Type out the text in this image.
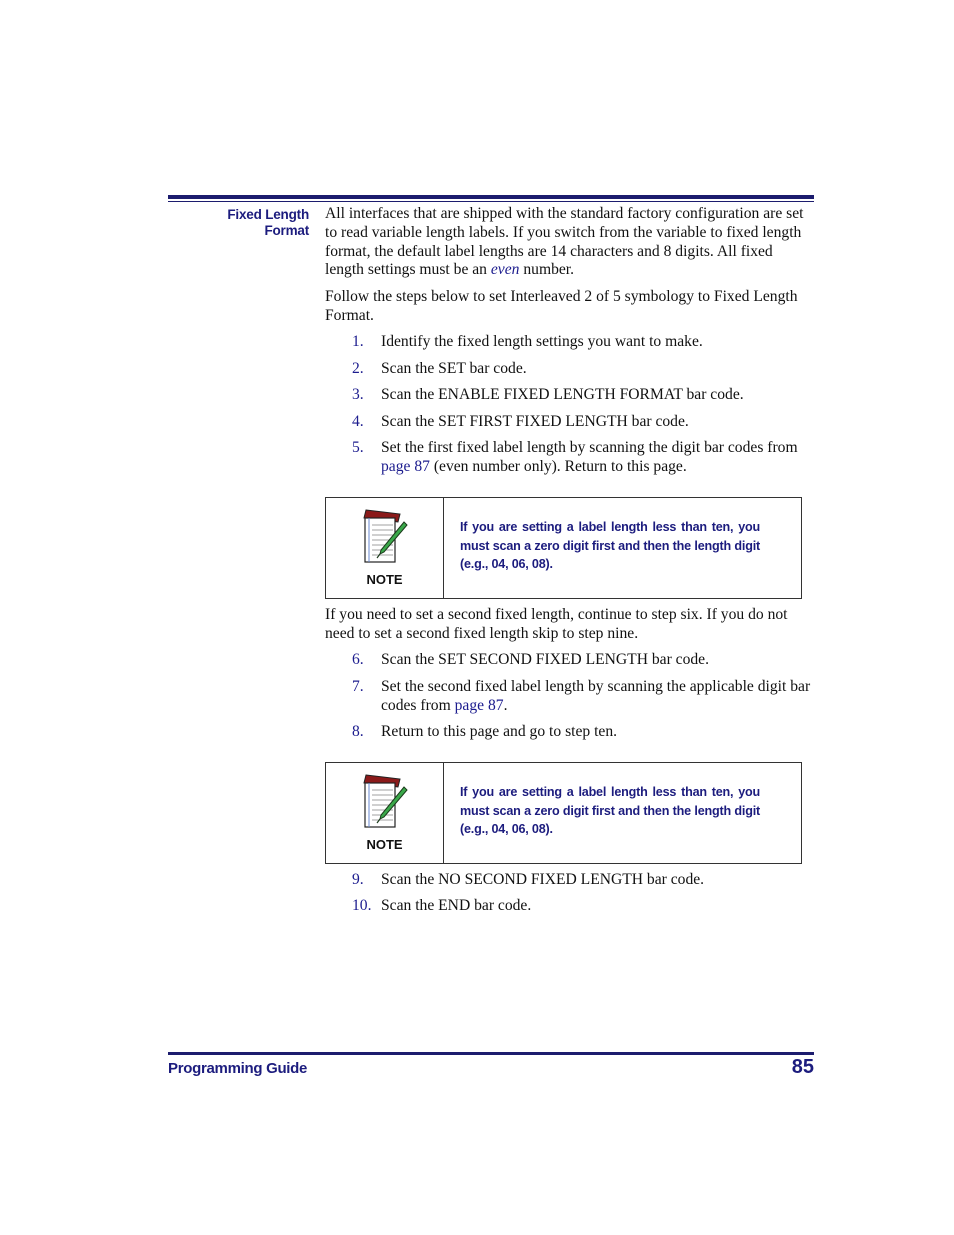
Fixed Length
Format

All interfaces that are shipped with the standard factory configuration are set to read variable length labels. If you switch from the variable to fixed length format, the default label lengths are 14 characters and 8 digits. All fixed length settings must be an even number.

Follow the steps below to set Interleaved 2 of 5 symbology to Fixed Length Format.

1. Identify the fixed length settings you want to make.
2. Scan the SET bar code.
3. Scan the ENABLE FIXED LENGTH FORMAT bar code.
4. Scan the SET FIRST FIXED LENGTH bar code.
5. Set the first fixed label length by scanning the digit bar codes from page 87 (even number only). Return to this page.
NOTE
If you are setting a label length less than ten, you must scan a zero digit first and then the length digit (e.g., 04, 06, 08).

If you need to set a second fixed length, continue to step six. If you do not need to set a second fixed length skip to step nine.

6. Scan the SET SECOND FIXED LENGTH bar code.
7. Set the second fixed label length by scanning the applicable digit bar codes from page 87.
8. Return to this page and go to step ten.
NOTE
If you are setting a label length less than ten, you must scan a zero digit first and then the length digit (e.g., 04, 06, 08).
9. Scan the NO SECOND FIXED LENGTH bar code.
10. Scan the END bar code.
Programming Guide	85
